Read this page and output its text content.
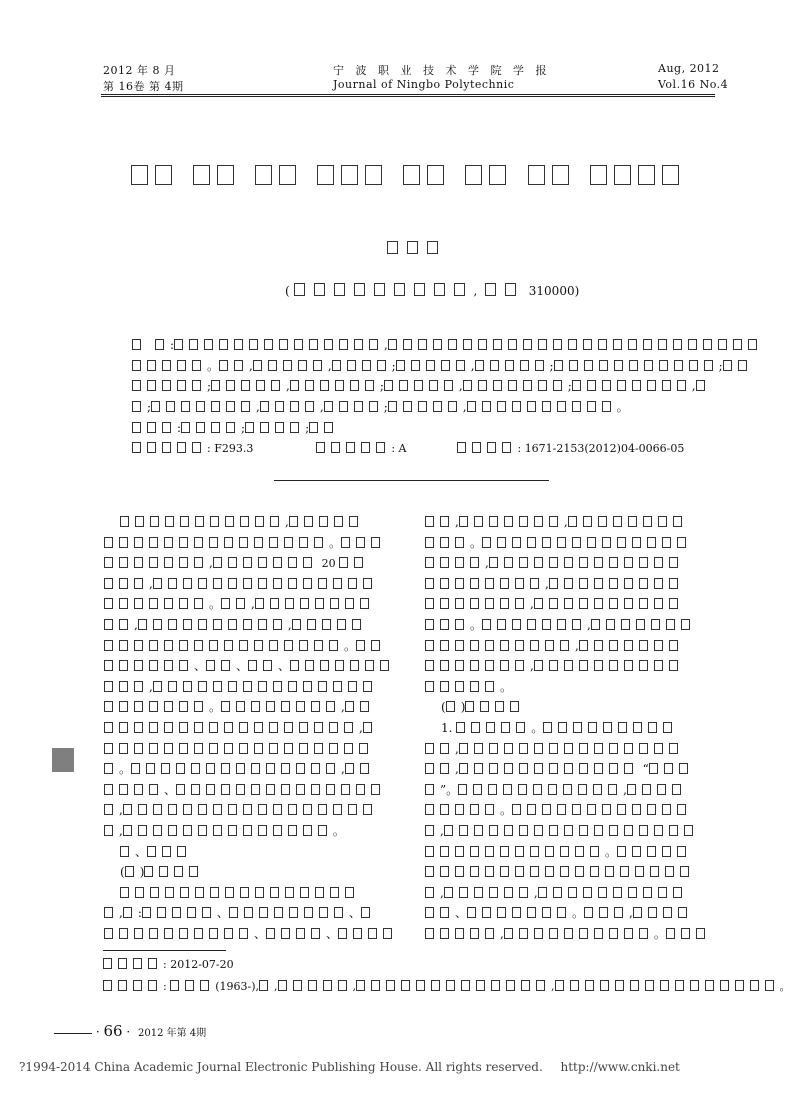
2012 年 8 月
第 16卷 第 4期
宁 波 职 业 技 术 学 院 学 报
Journal of Ningbo Polytechnic
Aug, 2012
Vol.16 No.4

(	,	310000)
:	,
。	,	,	;	,	;	;
;	,	;	,	;	,
;	,	,	;	,	。
:	;	;
: F293.3	: A	: 1671-2153(2012)04-0066-05
,
。
,	20
,
。	,
,	,
。
、	、	、
,
。	,
,
。	,
、
,
,	。
、
( )
, :	、	、
、	、
,	,
。
,
,
,
。	,
,
,
。
( )
1.	。
,
,	“
”。	,
。
,
。
,	,
、	。	,
,	。
: 2012-07-20
:	(1963-), ,	,	,	。
· 66 · 2012 年第 4期
?1994-2014 China Academic Journal Electronic Publishing House. All rights reserved. http://www.cnki.net
